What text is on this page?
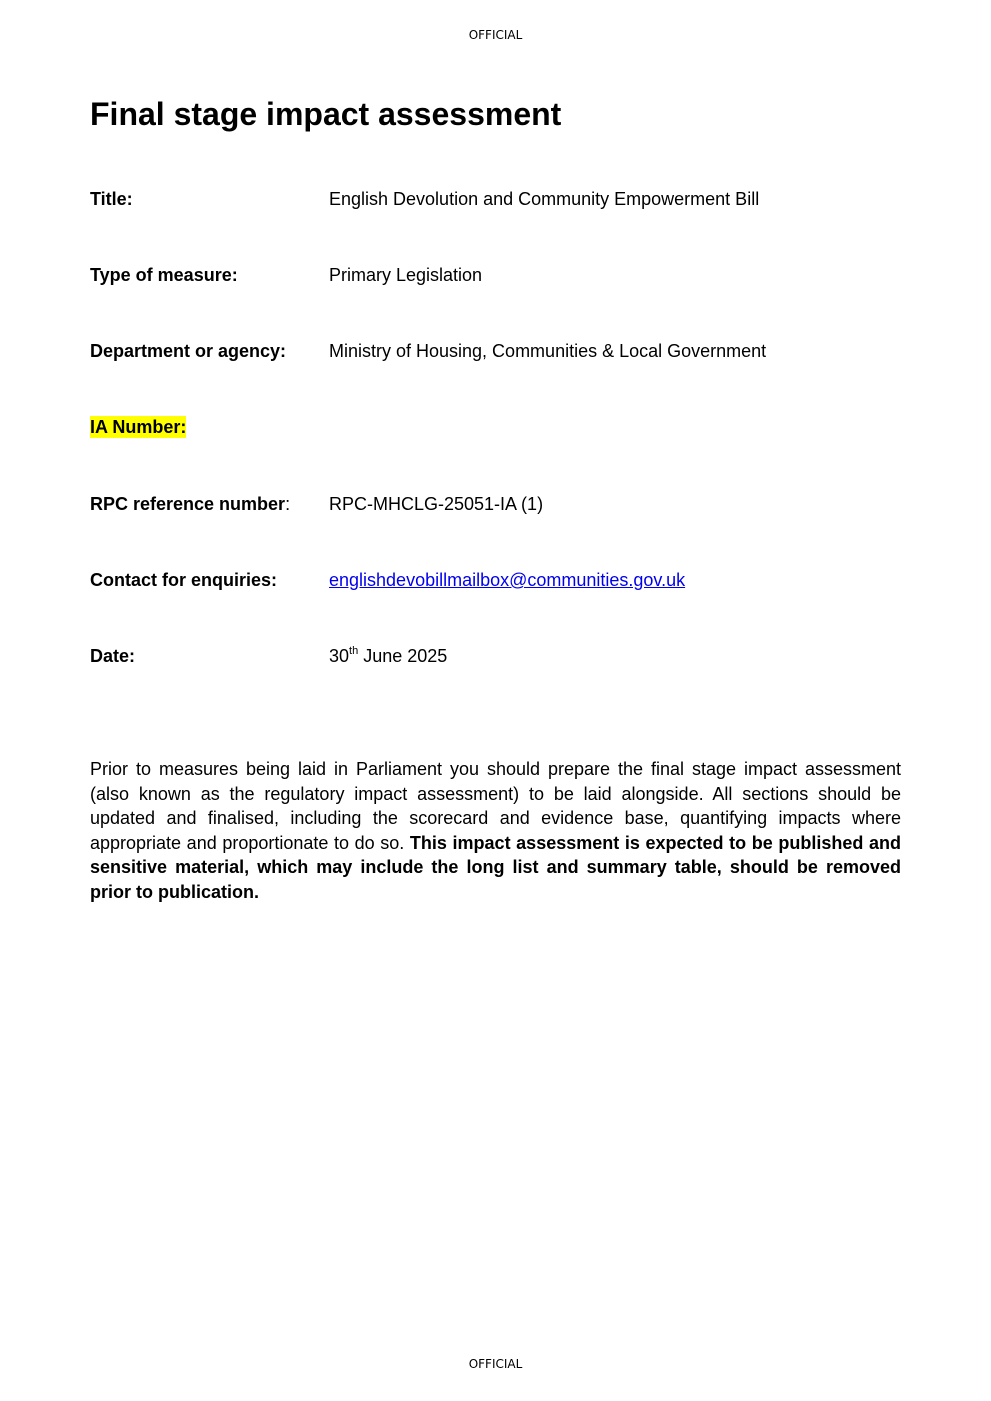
OFFICIAL
Final stage impact assessment
Title:	English Devolution and Community Empowerment Bill
Type of measure:	Primary Legislation
Department or agency: Ministry of Housing, Communities & Local Government
IA Number:
RPC reference number: RPC-MHCLG-25051-IA (1)
Contact for enquiries:	englishdevobillmailbox@communities.gov.uk
Date:	30th June 2025

Prior to measures being laid in Parliament you should prepare the final stage impact assessment (also known as the regulatory impact assessment) to be laid alongside. All sections should be updated and finalised, including the scorecard and evidence base, quantifying impacts where appropriate and proportionate to do so. This impact assessment is expected to be published and sensitive material, which may include the long list and summary table, should be removed prior to publication.

OFFICIAL
